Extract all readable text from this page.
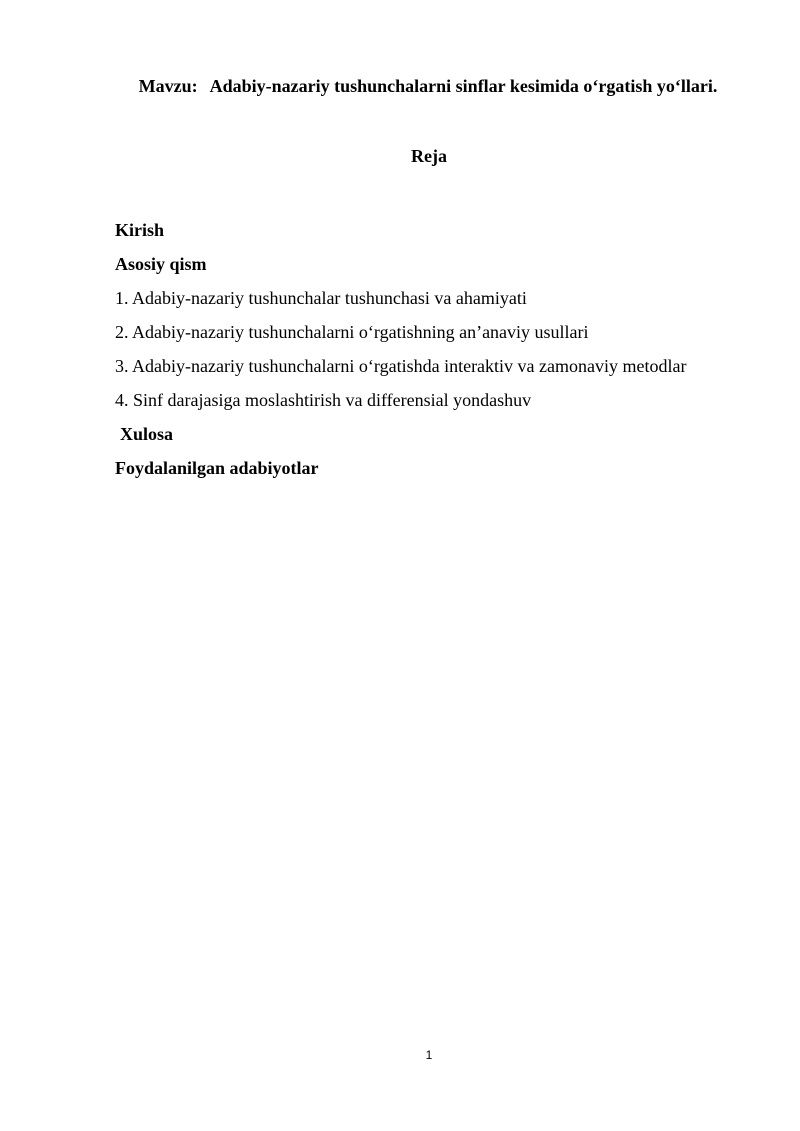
Mavzu: Adabiy-nazariy tushunchalarni sinflar kesimida o‘rgatish yo‘llari.
Reja
Kirish
Asosiy qism
1. Adabiy-nazariy tushunchalar tushunchasi va ahamiyati
2. Adabiy-nazariy tushunchalarni o‘rgatishning an’anaviy usullari
3. Adabiy-nazariy tushunchalarni o‘rgatishda interaktiv va zamonaviy metodlar
4. Sinf darajasiga moslashtirish va differensial yondashuv
Xulosa
Foydalanilgan adabiyotlar
1
